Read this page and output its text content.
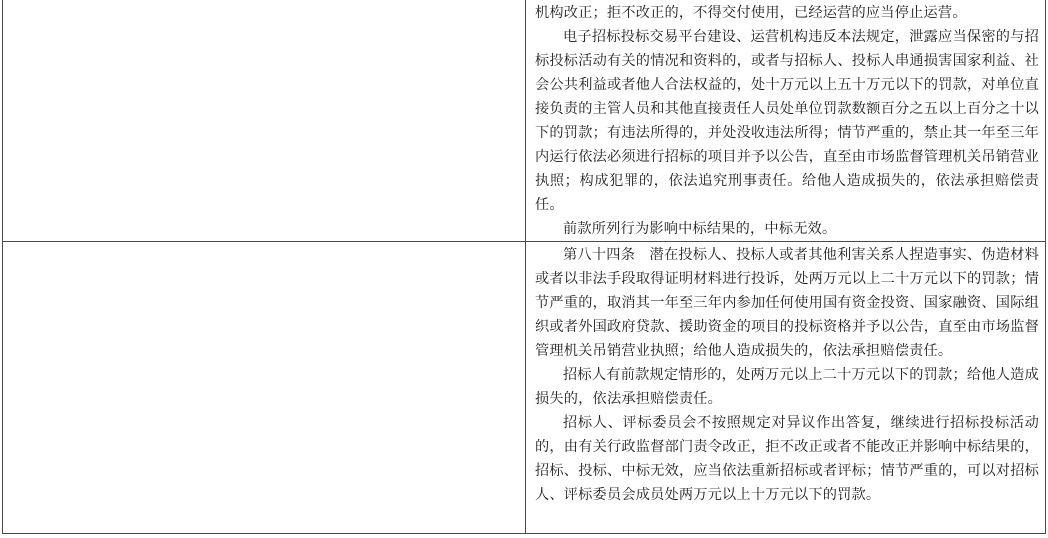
机构改正；拒不改正的，不得交付使用，已经运营的应当停止运营。

电子招标投标交易平台建设、运营机构违反本法规定，泄露应当保密的与招标投标活动有关的情况和资料的，或者与招标人、投标人串通损害国家利益、社会公共利益或者他人合法权益的，处十万元以上五十万元以下的罚款，对单位直接负责的主管人员和其他直接责任人员处单位罚款数额百分之五以上百分之十以下的罚款；有违法所得的，并处没收违法所得；情节严重的，禁止其一年至三年内运行依法必须进行招标的项目并予以公告，直至由市场监督管理机关吊销营业执照；构成犯罪的，依法追究刑事责任。给他人造成损失的，依法承担赔偿责任。

前款所列行为影响中标结果的，中标无效。

第八十四条　潜在投标人、投标人或者其他利害关系人捏造事实、伪造材料或者以非法手段取得证明材料进行投诉，处两万元以上二十万元以下的罚款；情节严重的，取消其一年至三年内参加任何使用国有资金投资、国家融资、国际组织或者外国政府贷款、援助资金的项目的投标资格并予以公告，直至由市场监督管理机关吊销营业执照；给他人造成损失的，依法承担赔偿责任。

招标人有前款规定情形的，处两万元以上二十万元以下的罚款；给他人造成损失的，依法承担赔偿责任。

招标人、评标委员会不按照规定对异议作出答复，继续进行招标投标活动的，由有关行政监督部门责令改正，拒不改正或者不能改正并影响中标结果的，招标、投标、中标无效，应当依法重新招标或者评标；情节严重的，可以对招标人、评标委员会成员处两万元以上十万元以下的罚款。
